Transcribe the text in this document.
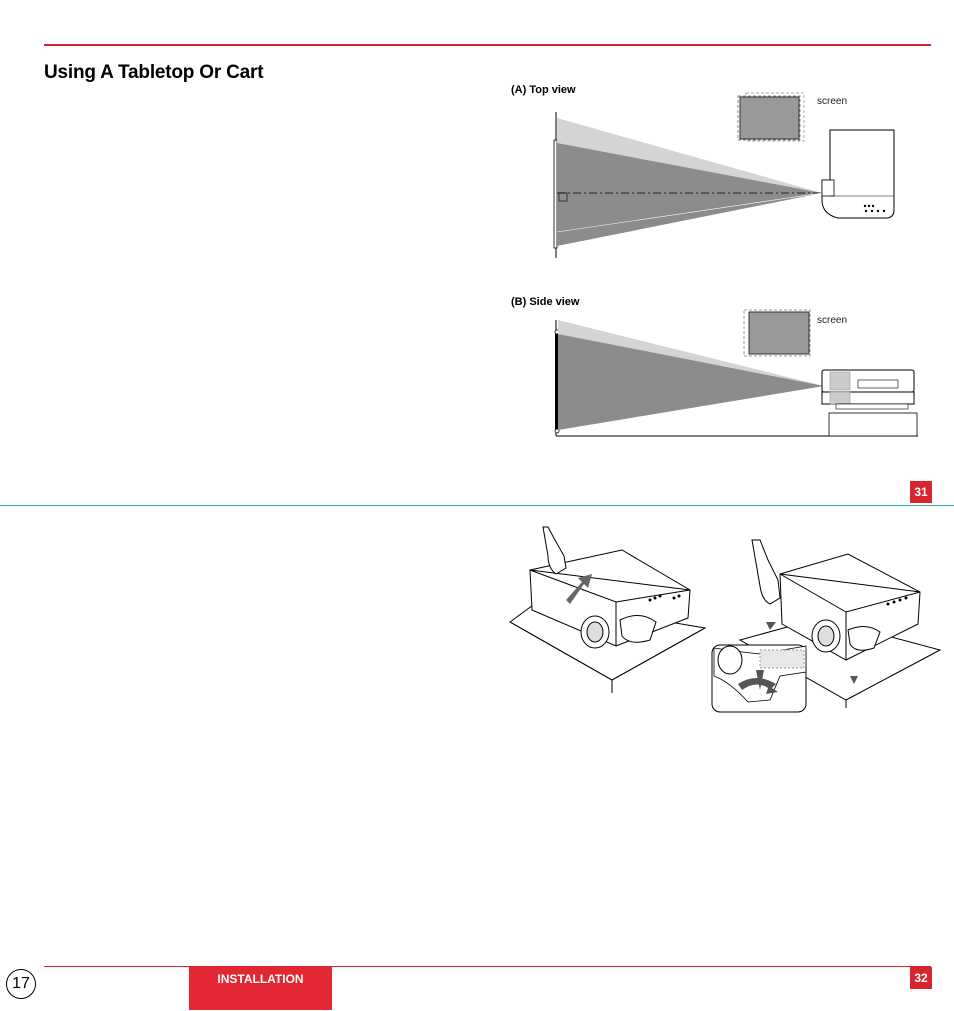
Using A Tabletop Or Cart
(A) Top view
screen
(B) Side view
screen
31
17	INSTALLATION	32
